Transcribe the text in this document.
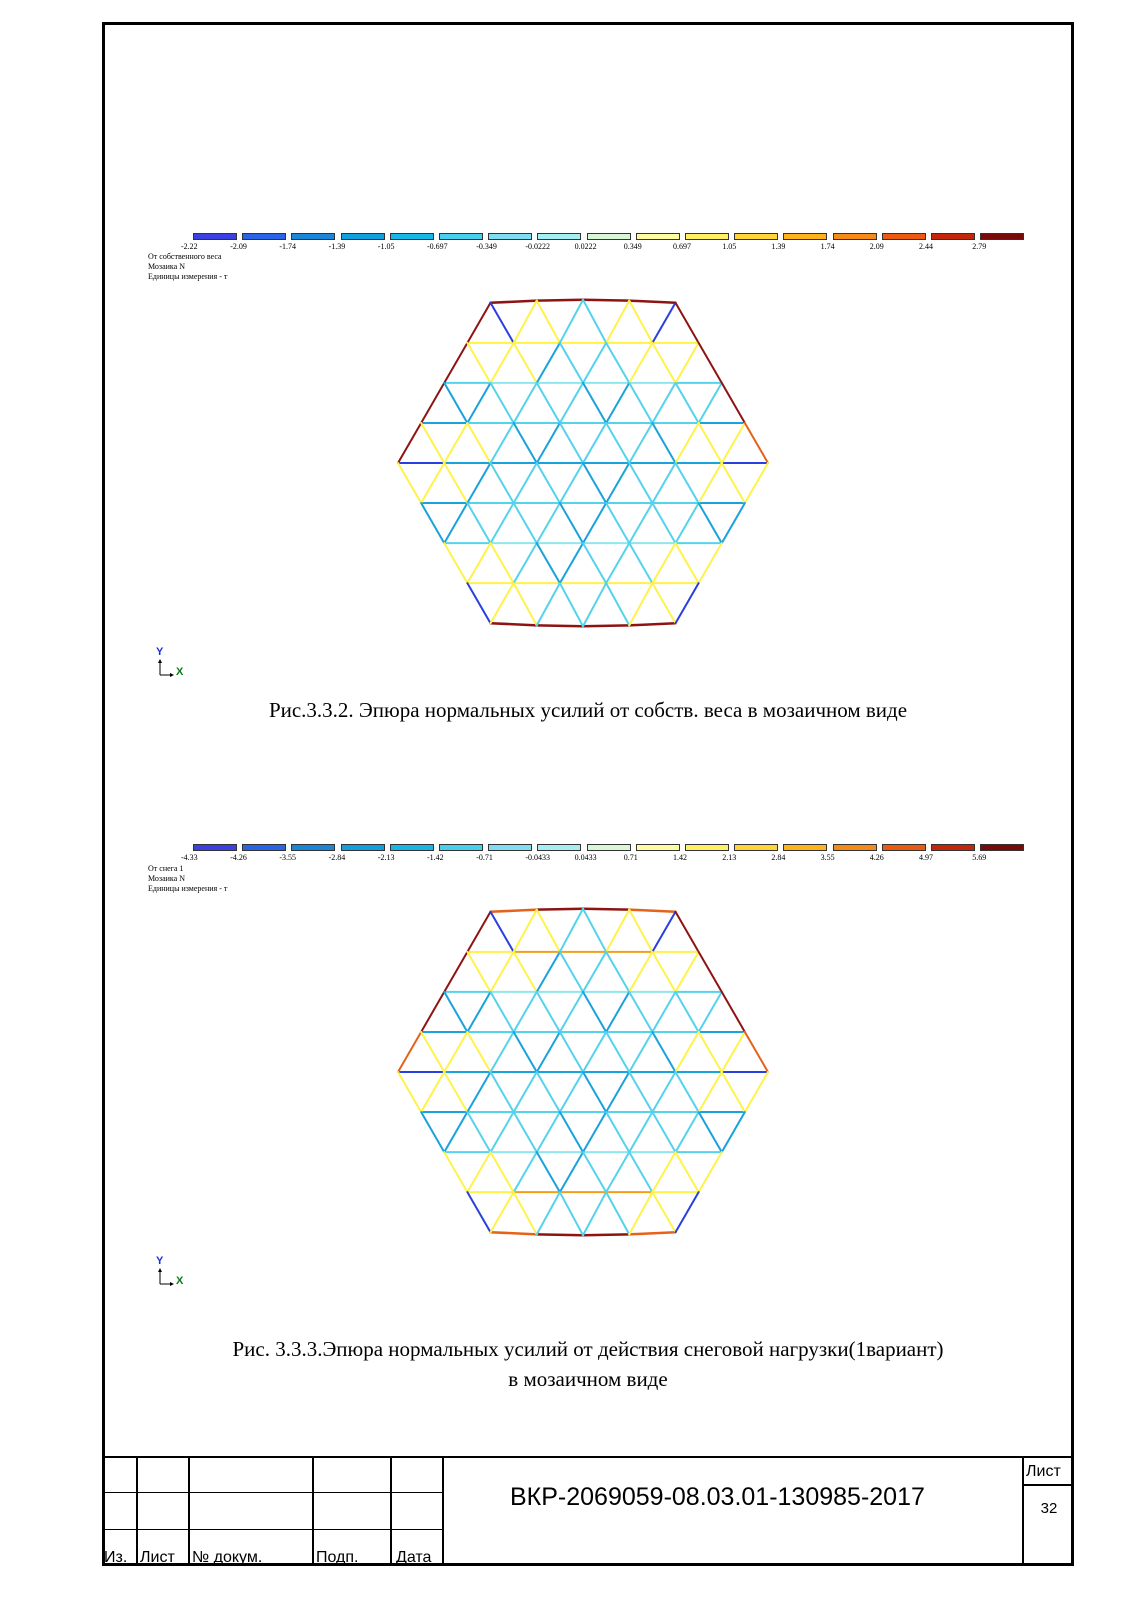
-2.22	-2.09	-1.74	-1.39	-1.05	-0.697	-0.349	-0.0222	0.0222	0.349	0.697	1.05	1.39	1.74	2.09	2.44	2.79
От собственного веса
Мозаика N
Единицы измерения - т
Y
X
Рис.3.3.2. Эпюра нормальных усилий от собств. веса в мозаичном виде
-4.33	-4.26	-3.55	-2.84	-2.13	-1.42	-0.71	-0.0433	0.0433	0.71	1.42	2.13	2.84	3.55	4.26	4.97	5.69
От снега 1
Мозаика N
Единицы измерения - т
Y
X
Рис. 3.3.3.Эпюра нормальных усилий от действия снеговой нагрузки(1вариант)
в мозаичном виде
Из. Лист	№ докум.	Подп.	Дата
ВКР-2069059-08.03.01-130985-2017
Лист
32
